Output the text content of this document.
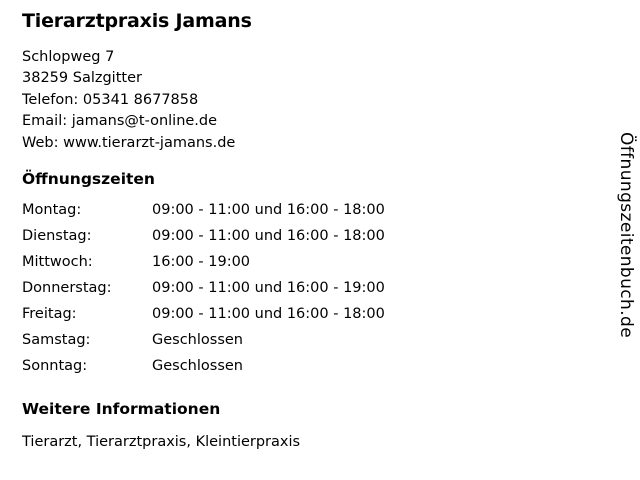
Tierarztpraxis Jamans
Schlopweg 7
38259 Salzgitter
Telefon: 05341 8677858
Email: jamans@t-online.de
Web: www.tierarzt-jamans.de
Öffnungszeiten
Montag:	09:00 - 11:00 und 16:00 - 18:00
Dienstag:	09:00 - 11:00 und 16:00 - 18:00
Mittwoch:	16:00 - 19:00
Donnerstag:	09:00 - 11:00 und 16:00 - 19:00
Freitag:	09:00 - 11:00 und 16:00 - 18:00
Samstag:	Geschlossen
Sonntag:	Geschlossen
Weitere Informationen
Tierarzt, Tierarztpraxis, Kleintierpraxis
Öffnungszeitenbuch.de
